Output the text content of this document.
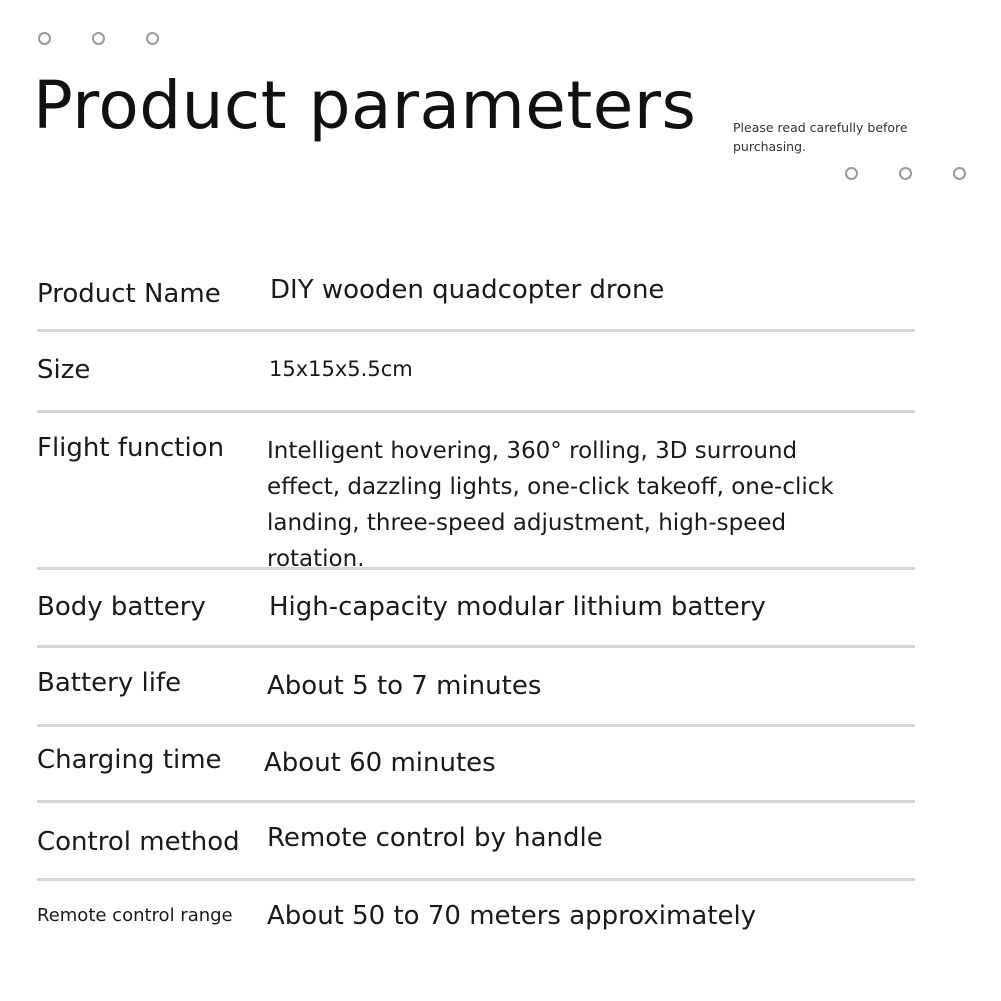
Product parameters	Please read carefully before purchasing.
Product Name	DIY wooden quadcopter drone
Size	15x15x5.5cm
Flight function	Intelligent hovering, 360° rolling, 3D surround effect, dazzling lights, one-click takeoff, one-click landing, three-speed adjustment, high-speed rotation.
Body battery	High-capacity modular lithium battery
Battery life	About 5 to 7 minutes
Charging time	About 60 minutes
Control method	Remote control by handle
Remote control range	About 50 to 70 meters approximately
